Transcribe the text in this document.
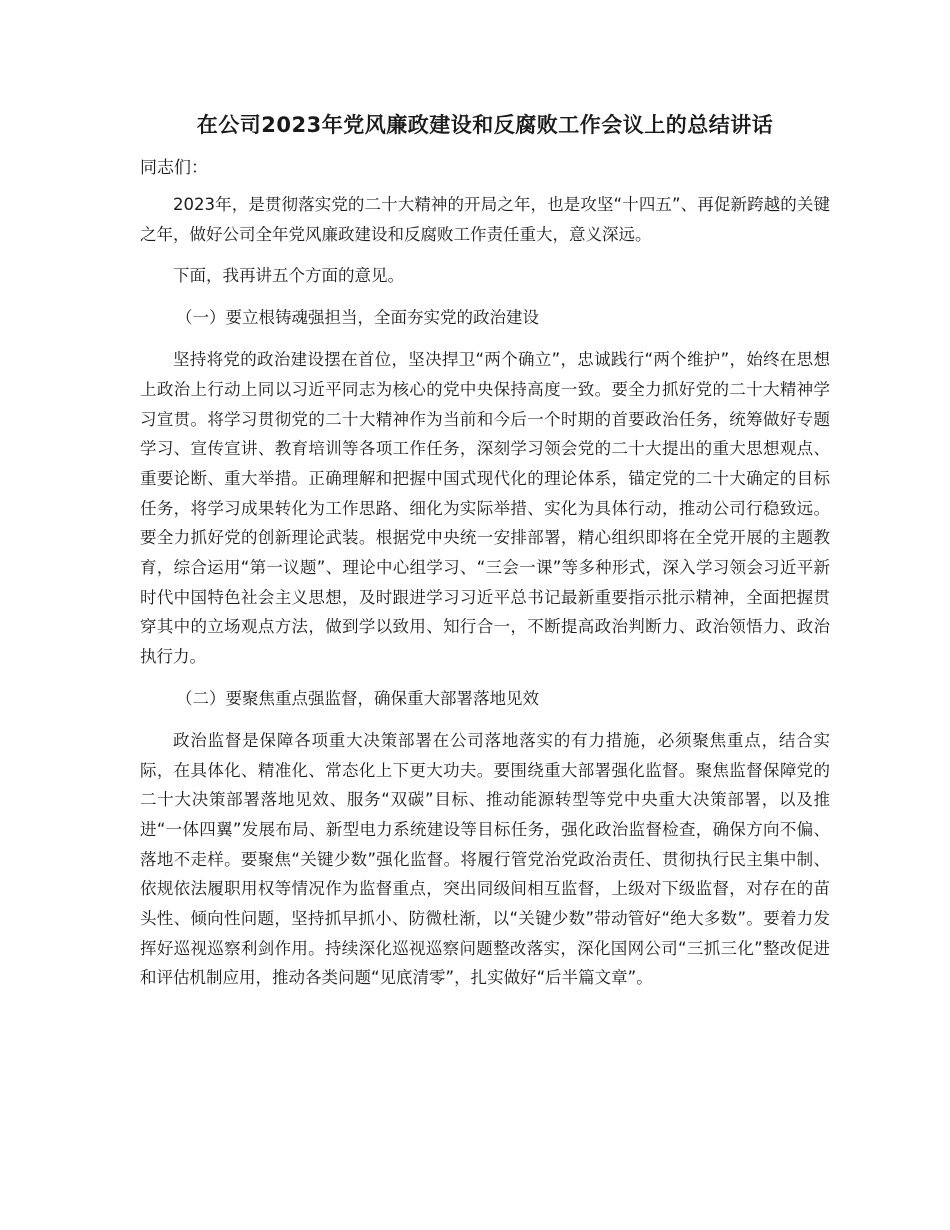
在公司2023年党风廉政建设和反腐败工作会议上的总结讲话
同志们：

2023年，是贯彻落实党的二十大精神的开局之年，也是攻坚“十四五”、再促新跨越的关键之年，做好公司全年党风廉政建设和反腐败工作责任重大，意义深远。

下面，我再讲五个方面的意见。

（一）要立根铸魂强担当，全面夯实党的政治建设

坚持将党的政治建设摆在首位，坚决捍卫“两个确立”，忠诚践行“两个维护”，始终在思想上政治上行动上同以习近平同志为核心的党中央保持高度一致。要全力抓好党的二十大精神学习宣贯。将学习贯彻党的二十大精神作为当前和今后一个时期的首要政治任务，统筹做好专题学习、宣传宣讲、教育培训等各项工作任务，深刻学习领会党的二十大提出的重大思想观点、重要论断、重大举措。正确理解和把握中国式现代化的理论体系，锚定党的二十大确定的目标任务，将学习成果转化为工作思路、细化为实际举措、实化为具体行动，推动公司行稳致远。要全力抓好党的创新理论武装。根据党中央统一安排部署，精心组织即将在全党开展的主题教育，综合运用“第一议题”、理论中心组学习、“三会一课”等多种形式，深入学习领会习近平新时代中国特色社会主义思想，及时跟进学习习近平总书记最新重要指示批示精神，全面把握贯穿其中的立场观点方法，做到学以致用、知行合一，不断提高政治判断力、政治领悟力、政治执行力。

（二）要聚焦重点强监督，确保重大部署落地见效

政治监督是保障各项重大决策部署在公司落地落实的有力措施，必须聚焦重点，结合实际，在具体化、精准化、常态化上下更大功夫。要围绕重大部署强化监督。聚焦监督保障党的二十大决策部署落地见效、服务“双碳”目标、推动能源转型等党中央重大决策部署，以及推进“一体四翼”发展布局、新型电力系统建设等目标任务，强化政治监督检查，确保方向不偏、落地不走样。要聚焦“关键少数”强化监督。将履行管党治党政治责任、贯彻执行民主集中制、依规依法履职用权等情况作为监督重点，突出同级间相互监督，上级对下级监督，对存在的苗头性、倾向性问题，坚持抓早抓小、防微杜渐，以“关键少数”带动管好“绝大多数”。要着力发挥好巡视巡察利剑作用。持续深化巡视巡察问题整改落实，深化国网公司“三抓三化”整改促进和评估机制应用，推动各类问题“见底清零”，扎实做好“后半篇文章”。
